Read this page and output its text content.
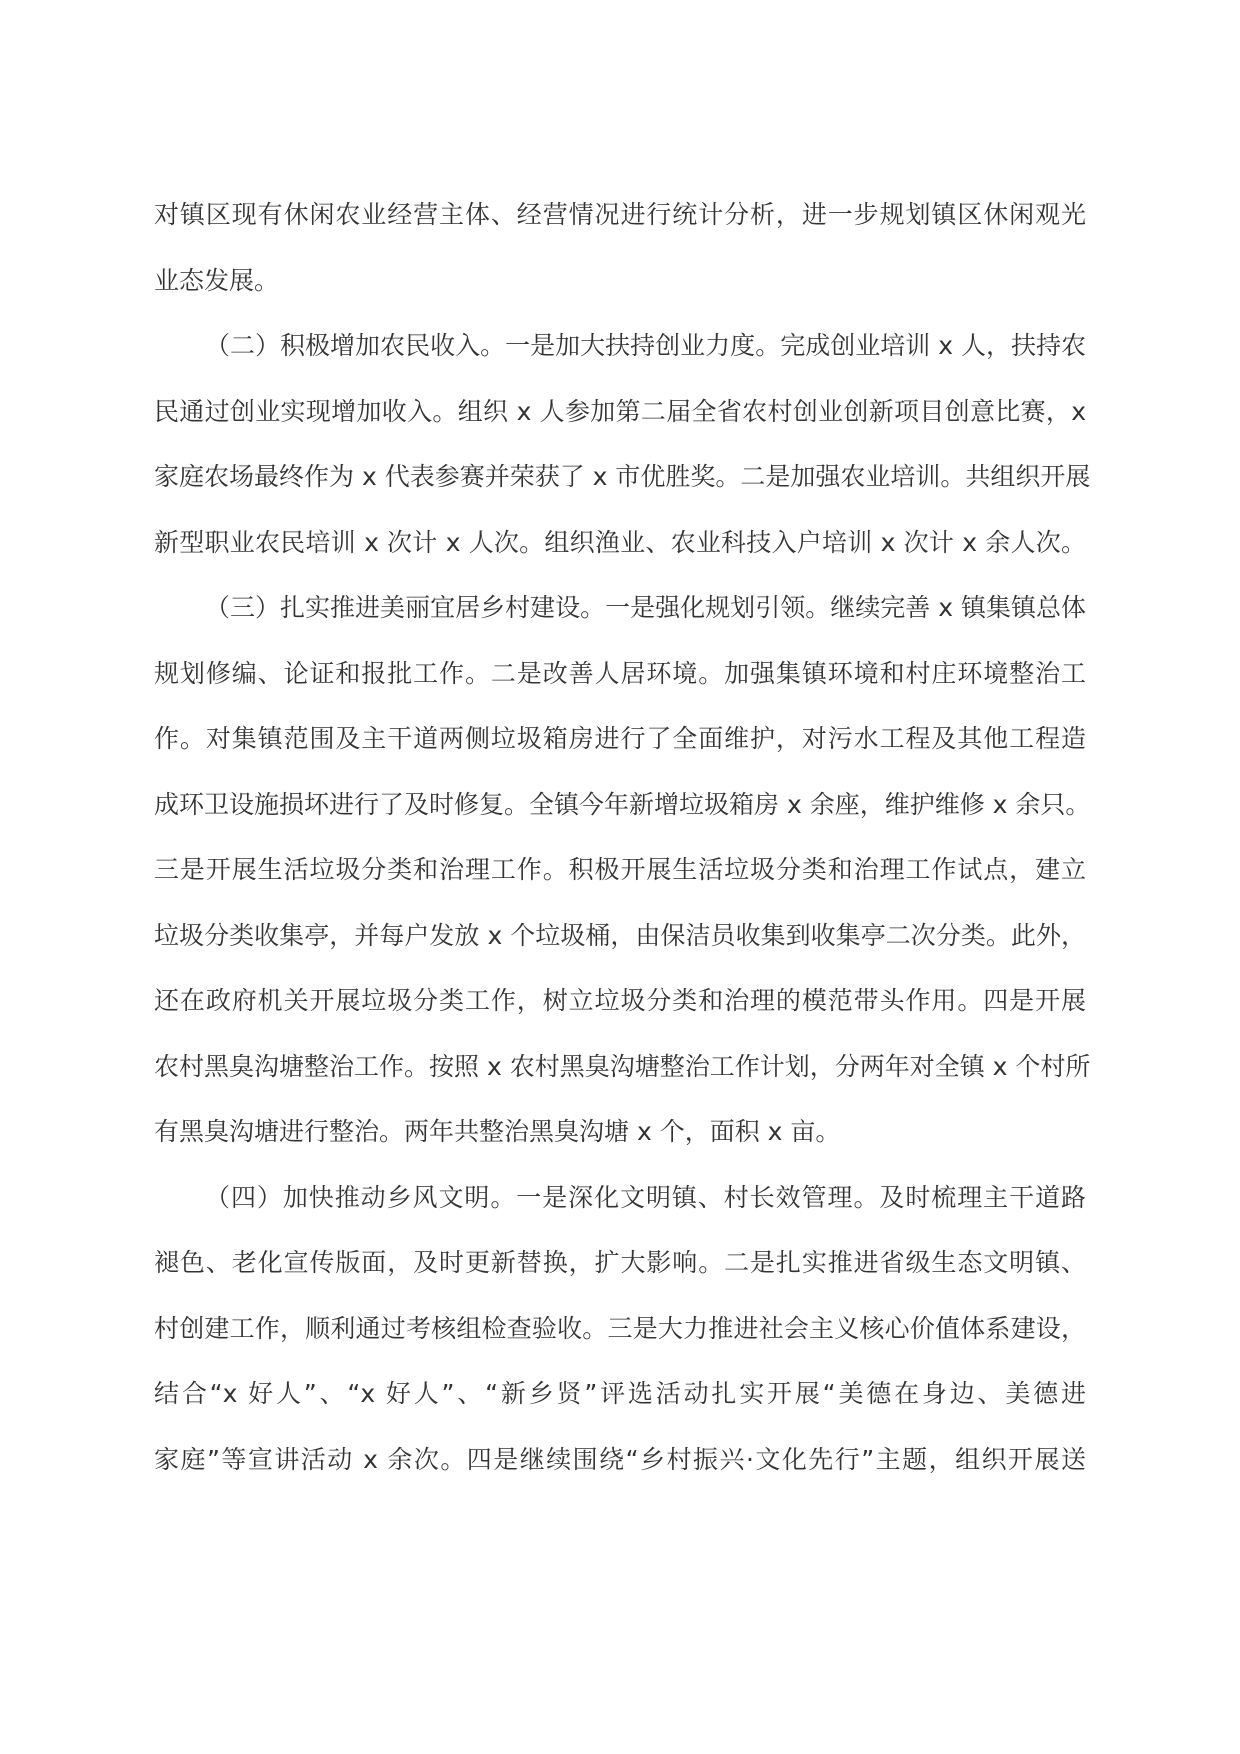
对镇区现有休闲农业经营主体、经营情况进行统计分析，进一步规划镇区休闲观光
业态发展。
（二）积极增加农民收入。一是加大扶持创业力度。完成创业培训 x 人，扶持农
民通过创业实现增加收入。组织 x 人参加第二届全省农村创业创新项目创意比赛，x
家庭农场最终作为 x 代表参赛并荣获了 x 市优胜奖。二是加强农业培训。共组织开展
新型职业农民培训 x 次计 x 人次。组织渔业、农业科技入户培训 x 次计 x 余人次。
（三）扎实推进美丽宜居乡村建设。一是强化规划引领。继续完善 x 镇集镇总体
规划修编、论证和报批工作。二是改善人居环境。加强集镇环境和村庄环境整治工
作。对集镇范围及主干道两侧垃圾箱房进行了全面维护，对污水工程及其他工程造
成环卫设施损坏进行了及时修复。全镇今年新增垃圾箱房 x 余座，维护维修 x 余只。
三是开展生活垃圾分类和治理工作。积极开展生活垃圾分类和治理工作试点，建立
垃圾分类收集亭，并每户发放 x 个垃圾桶，由保洁员收集到收集亭二次分类。此外，
还在政府机关开展垃圾分类工作，树立垃圾分类和治理的模范带头作用。四是开展
农村黑臭沟塘整治工作。按照 x 农村黑臭沟塘整治工作计划，分两年对全镇 x 个村所
有黑臭沟塘进行整治。两年共整治黑臭沟塘 x 个，面积 x 亩。
（四）加快推动乡风文明。一是深化文明镇、村长效管理。及时梳理主干道路
褪色、老化宣传版面，及时更新替换，扩大影响。二是扎实推进省级生态文明镇、
村创建工作，顺利通过考核组检查验收。三是大力推进社会主义核心价值体系建设，
结合“x 好人”、“x 好人”、“新乡贤”评选活动扎实开展“美德在身边、美德进
家庭”等宣讲活动 x 余次。四是继续围绕“乡村振兴·文化先行”主题，组织开展送
